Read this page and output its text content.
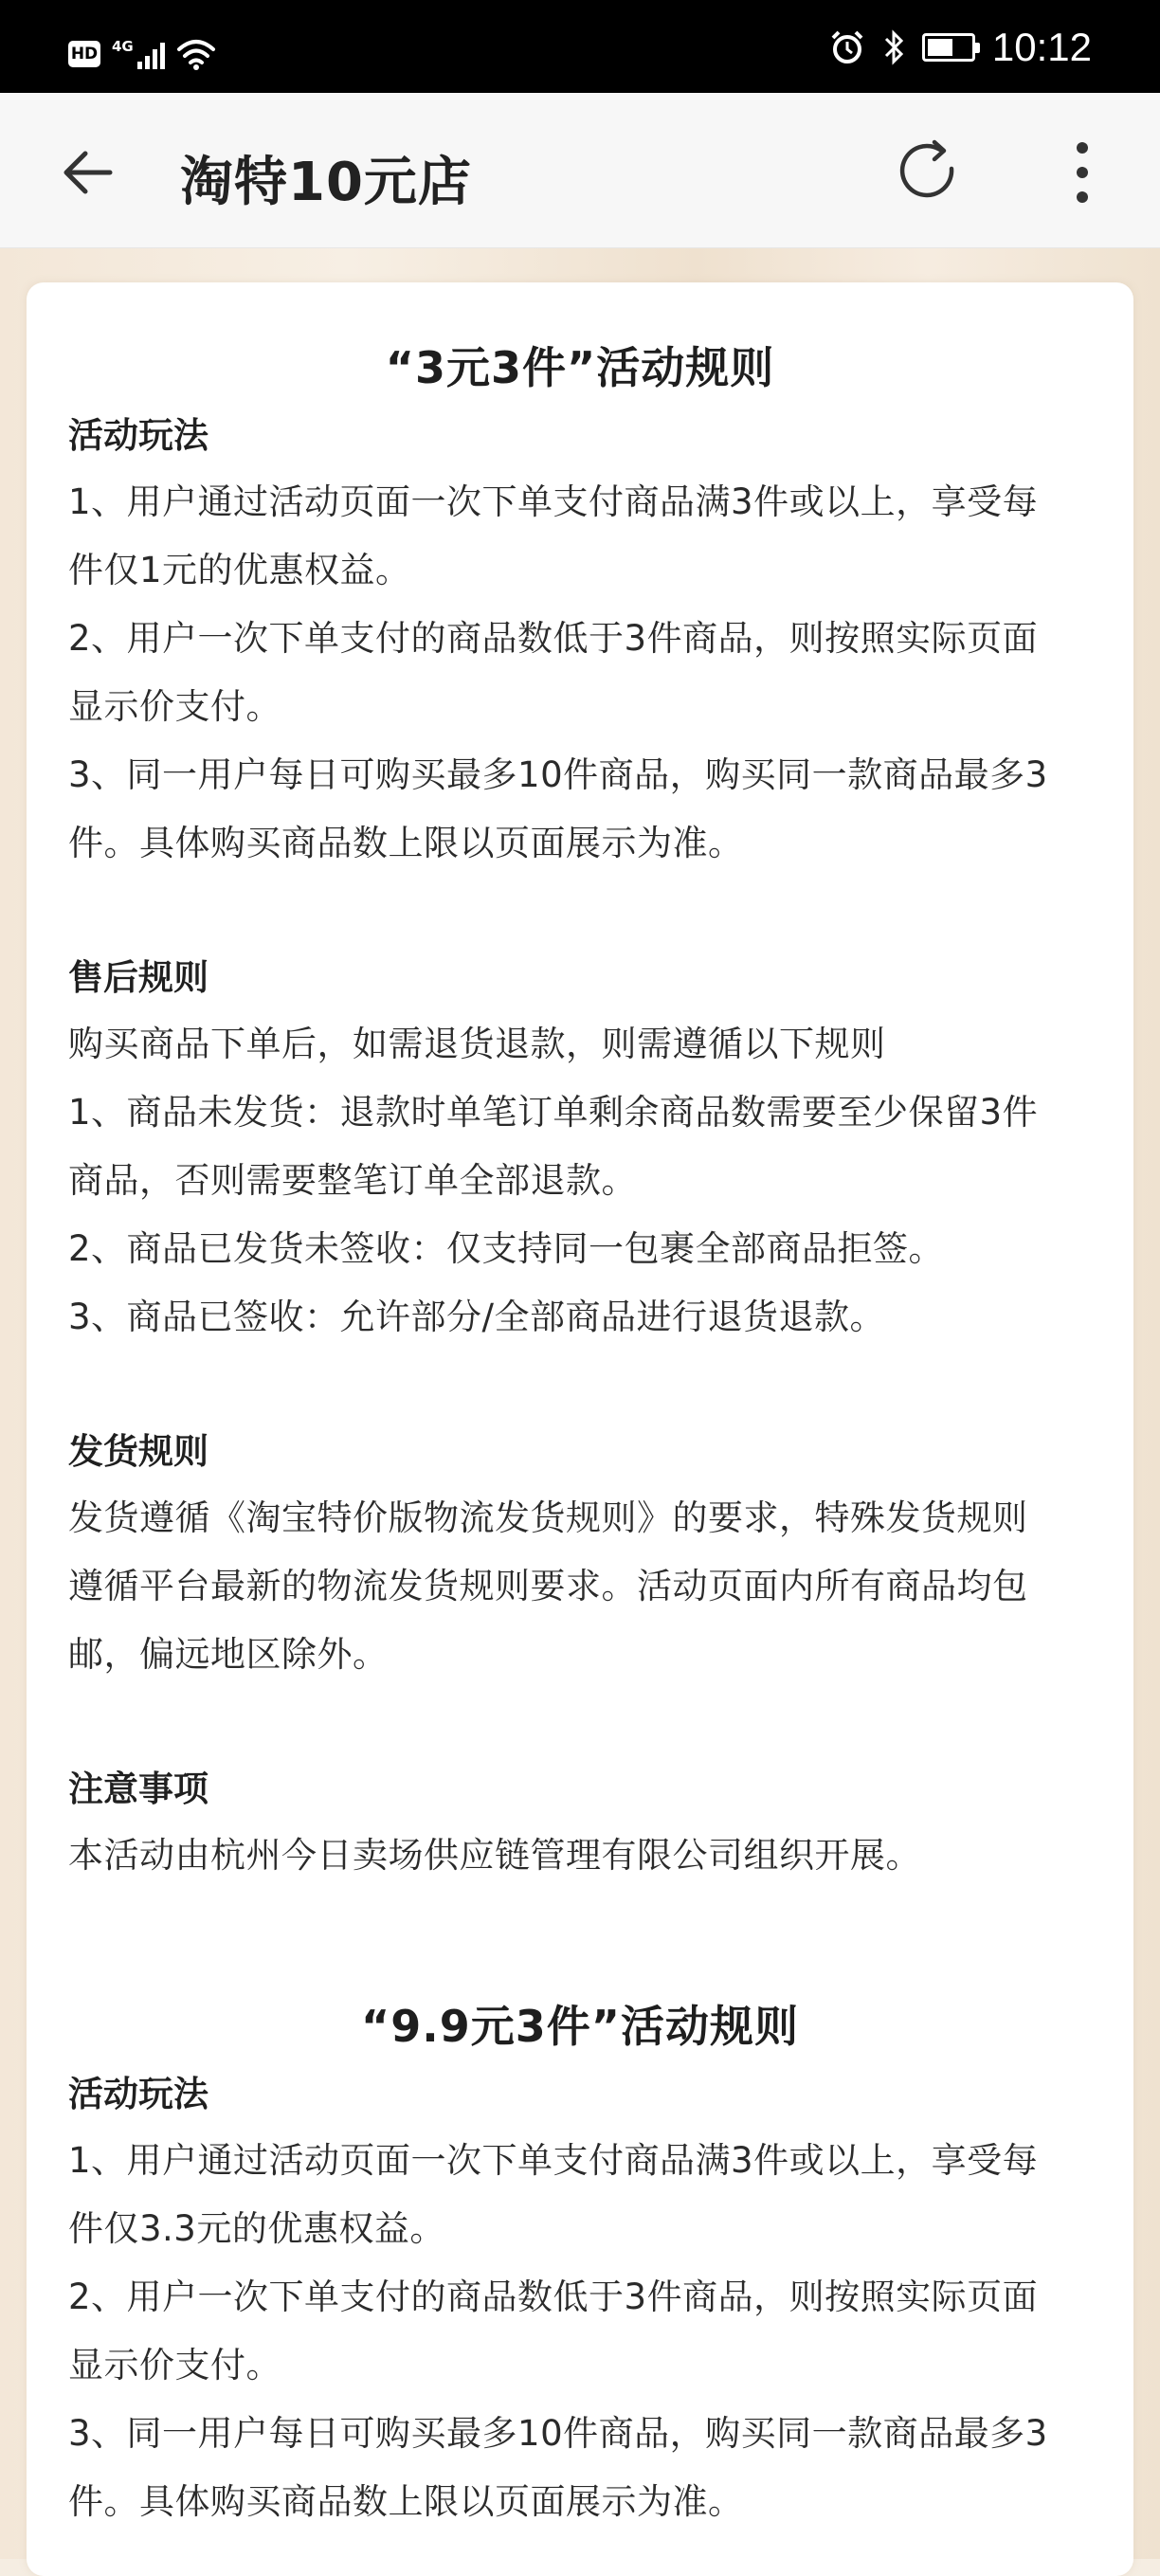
HD 4G	10:12
淘特10元店

“3元3件”活动规则

活动玩法

1、用户通过活动页面一次下单支付商品满3件或以上，享受每
件仅1元的优惠权益。

2、用户一次下单支付的商品数低于3件商品，则按照实际页面
显示价支付。

3、同一用户每日可购买最多10件商品，购买同一款商品最多3
件。具体购买商品数上限以页面展示为准。

售后规则

购买商品下单后，如需退货退款，则需遵循以下规则

1、商品未发货：退款时单笔订单剩余商品数需要至少保留3件
商品，否则需要整笔订单全部退款。

2、商品已发货未签收：仅支持同一包裹全部商品拒签。

3、商品已签收：允许部分/全部商品进行退货退款。

发货规则

发货遵循《淘宝特价版物流发货规则》的要求，特殊发货规则
遵循平台最新的物流发货规则要求。活动页面内所有商品均包
邮，偏远地区除外。

注意事项

本活动由杭州今日卖场供应链管理有限公司组织开展。

“9.9元3件”活动规则

活动玩法

1、用户通过活动页面一次下单支付商品满3件或以上，享受每
件仅3.3元的优惠权益。

2、用户一次下单支付的商品数低于3件商品，则按照实际页面
显示价支付。

3、同一用户每日可购买最多10件商品，购买同一款商品最多3
件。具体购买商品数上限以页面展示为准。
